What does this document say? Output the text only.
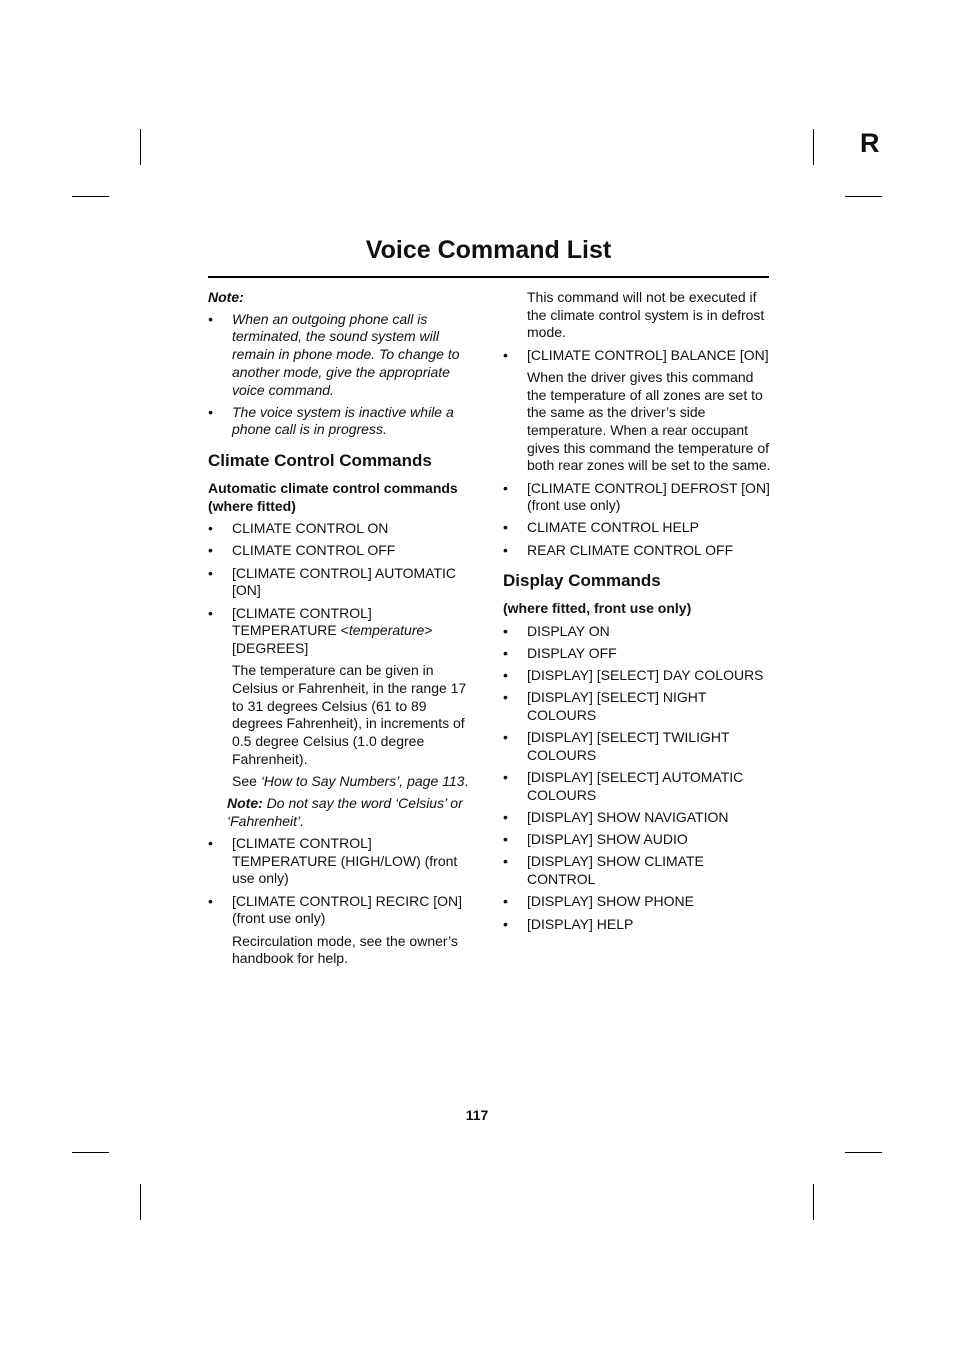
R
Voice Command List
Note:
• When an outgoing phone call is terminated, the sound system will remain in phone mode. To change to another mode, give the appropriate voice command.
• The voice system is inactive while a phone call is in progress.
Climate Control Commands
Automatic climate control commands (where fitted)
• CLIMATE CONTROL ON
• CLIMATE CONTROL OFF
• [CLIMATE CONTROL] AUTOMATIC [ON]
• [CLIMATE CONTROL] TEMPERATURE <temperature> [DEGREES]
The temperature can be given in Celsius or Fahrenheit, in the range 17 to 31 degrees Celsius (61 to 89 degrees Fahrenheit), in increments of 0.5 degree Celsius (1.0 degree Fahrenheit).
See ‘How to Say Numbers’, page 113.
Note: Do not say the word ‘Celsius’ or ‘Fahrenheit’.
• [CLIMATE CONTROL] TEMPERATURE (HIGH/LOW) (front use only)
• [CLIMATE CONTROL] RECIRC [ON] (front use only)
Recirculation mode, see the owner’s handbook for help.
This command will not be executed if the climate control system is in defrost mode.
• [CLIMATE CONTROL] BALANCE [ON]
When the driver gives this command the temperature of all zones are set to the same as the driver’s side temperature. When a rear occupant gives this command the temperature of both rear zones will be set to the same.
• [CLIMATE CONTROL] DEFROST [ON] (front use only)
• CLIMATE CONTROL HELP
• REAR CLIMATE CONTROL OFF
Display Commands
(where fitted, front use only)
• DISPLAY ON
• DISPLAY OFF
• [DISPLAY] [SELECT] DAY COLOURS
• [DISPLAY] [SELECT] NIGHT COLOURS
• [DISPLAY] [SELECT] TWILIGHT COLOURS
• [DISPLAY] [SELECT] AUTOMATIC COLOURS
• [DISPLAY] SHOW NAVIGATION
• [DISPLAY] SHOW AUDIO
• [DISPLAY] SHOW CLIMATE CONTROL
• [DISPLAY] SHOW PHONE
• [DISPLAY] HELP
117
